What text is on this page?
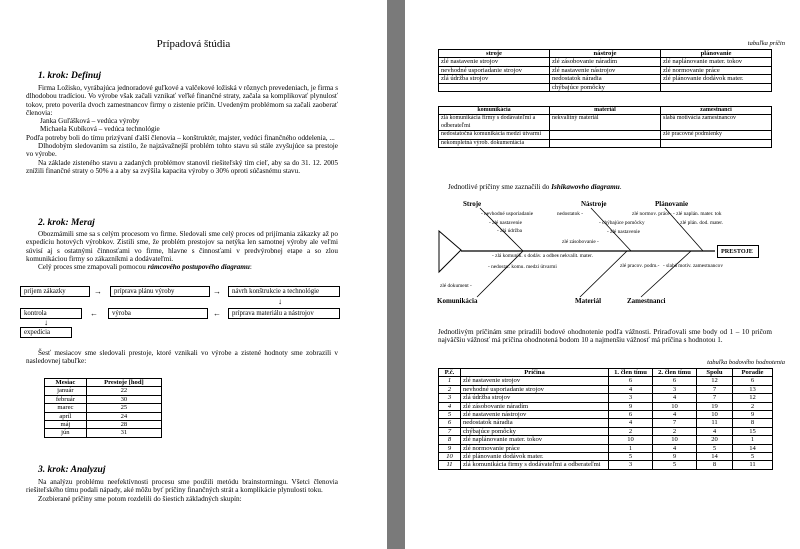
Prípadová štúdia
1. krok: Definuj

Firma Ložisko, vyrábajúca jednoradové guľkové a valčekové ložiská v rôznych prevedeniach, je firma s dlhodobou tradíciou. Vo výrobe však začali vznikať veľké finančné straty, začala sa komplikovať plynulosť tokov, preto poverila dvoch zamestnancov firmy o zistenie príčin. Uvedeným problémom sa začali zaoberať členovia:

Janka Guľášková – vedúca výroby

Michaela Kubíková – vedúca technológie

Podľa potreby boli do tímu prizývaní ďalší členovia – konštruktér, majster, vedúci finančného oddelenia, ...

Dlhodobým sledovaním sa zistilo, že najzávažnejší problém tohto stavu sú stále zvyšujúce sa prestoje vo výrobe.

Na základe zisteného stavu a zadaných problémov stanovil riešiteľský tím cieľ, aby sa do 31. 12. 2005 znížili finančné straty o 50% a a aby sa zvýšila kapacita výroby o 30% oproti súčasnému stavu.

2. krok: Meraj

Obozmámili sme sa s celým procesom vo firme. Sledovali sme celý proces od prijímania zákazky až po expedíciu hotových výrobkov. Zistili sme, že problém prestojov sa netýka len samotnej výroby ale veľmi súvisí aj s ostatnými činnosťami vo firme, hlavne s činnosťami v predvýrobnej etape a so zlou komunikáciou firmy so zákazníkmi a dodávateľmi.

Celý proces sme zmapovali pomocou rámcového postupového diagramu:

príjem zákazky	→	príprava plánu výroby	→	návrh konštrukcie a technológie
↓
kontrola	←	výroba	←	príprava materiálu a nástrojov
↓
expedícia

Šesť mesiacov sme sledovali prestoje, ktoré vznikali vo výrobe a zistené hodnoty sme zobrazili v nasledovnej tabuľke:

Mesiac	Prestoje [hod]
január	22
február	30
marec	25
apríl	24
máj	28
jún	31
3. krok: Analyzuj

Na analýzu problému neefektívnosti procesu sme použili metódu brainstormingu. Všetci členovia riešiteľského tímu podali nápady, aké môžu byť príčiny finančných strát a komplikácie plynulosti toku.

Zozbierané príčiny sme potom rozdelili do šiestich základných skupín:

tabuľka príčin
stroje	nástroje	plánovanie
zlé nastavenie strojov	zlé zásobovanie náradím	zlé naplánovanie mater. tokov
nevhodné usporiadanie strojov	zlé nastavenie nástrojov	zlé normovanie práce
zlá údržba strojov	nedostatok náradia	zlé plánovanie dodávok mater.
	chýbajúce pomôcky	
komunikácia	materiál	zamestnanci
zlá komunikácia firmy s dodávateľmi a odberateľmi	nekvalitný materiál	slabá motivácia zamestnancov
nedostatočná komunikácia medzi útvarmi		zlé pracovné podmienky
nekompletná výrob. dokumentácia		

Jednotlivé príčiny sme zaznačili do Ishikawovho diagramu.

PRESTOJE
Stroje	Nástroje	Plánovanie
Komunikácia	Materiál	Zamestnanci
- nevhodné usporiadanie
- zlé nastavenie
- zlá údržba
nedostatok -
- chýbajúce pomôcky
- zlé nastavenie
zlé zásobovanie -
zlé normov. práce- - zlé naplán. mater. tok
- zlé plán. dod. mater.
- zlá komunik. s dodáv. a odber.
- nedostat. komu. medzi útvarmi
- nekvalit. mater.
zlé dokument -
zlé pracov. podm.- - slabá motiv. zamestnancov

Jednotlivým príčinám sme priradili bodové ohodnotenie podľa vážnosti. Priraďovali sme body od 1 – 10 pričom najväčšiu vážnosť má príčina ohodnotená bodom 10 a najmenšiu vážnosť má príčina s hodnotou 1.

tabuľka bodového hodnotenia
P.č.	Príčina	1. člen tímu	2. člen tímu	Spolu	Poradie
1	zlé nastavenie strojov	6	6	12	6
2	nevhodné usporiadanie strojov	4	3	7	13
3	zlá údržba strojov	3	4	7	12
4	zlé zásobovanie náradím	9	10	19	2
5	zlé nastavenie nástrojov	6	4	10	9
6	nedostatok náradia	4	7	11	8
7	chýbajúce pomôcky	2	2	4	15
8	zlé naplánovanie mater. tokov	10	10	20	1
9	zlé normovanie práce	1	4	5	14
10	zlé plánovanie dodávok mater.	5	9	14	5
11	zlá komunikácia firmy s dodávateľmi a odberateľmi	3	5	8	11
